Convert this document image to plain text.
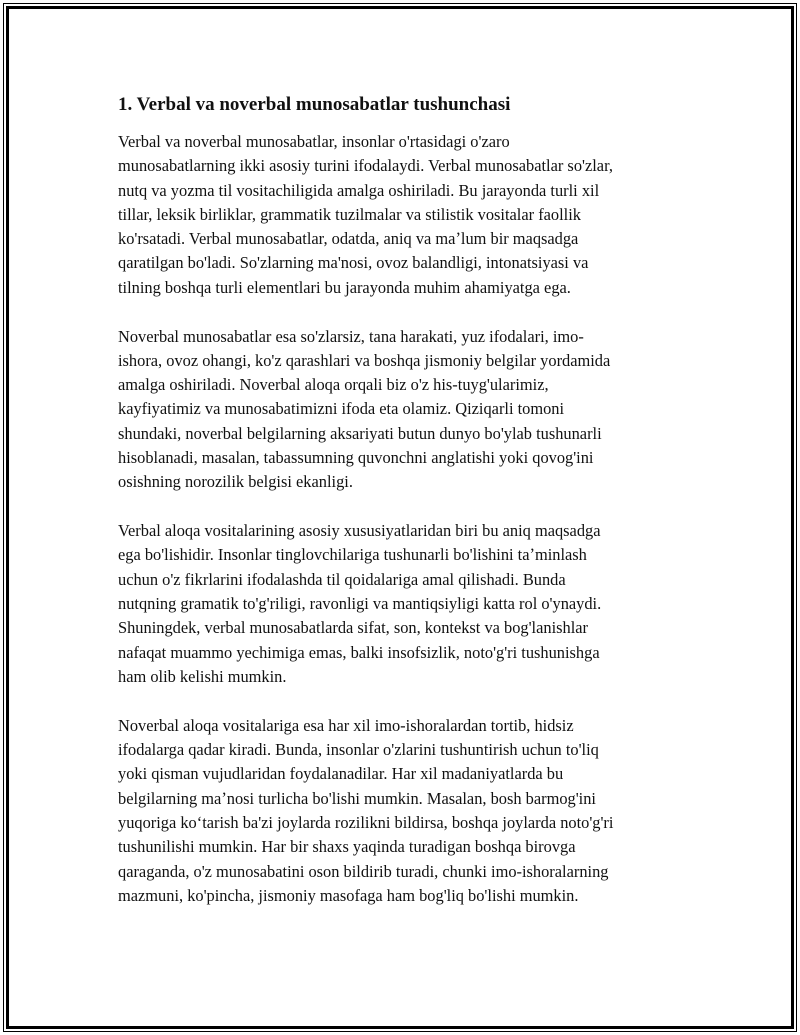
1. Verbal va noverbal munosabatlar tushunchasi
Verbal va noverbal munosabatlar, insonlar o'rtasidagi o'zaro
munosabatlarning ikki asosiy turini ifodalaydi. Verbal munosabatlar so'zlar,
nutq va yozma til vositachiligida amalga oshiriladi. Bu jarayonda turli xil
tillar, leksik birliklar, grammatik tuzilmalar va stilistik vositalar faollik
ko'rsatadi. Verbal munosabatlar, odatda, aniq va maʼlum bir maqsadga
qaratilgan bo'ladi. So'zlarning ma'nosi, ovoz balandligi, intonatsiyasi va
tilning boshqa turli elementlari bu jarayonda muhim ahamiyatga ega.
Noverbal munosabatlar esa so'zlarsiz, tana harakati, yuz ifodalari, imo-
ishora, ovoz ohangi, ko'z qarashlari va boshqa jismoniy belgilar yordamida
amalga oshiriladi. Noverbal aloqa orqali biz o'z his-tuyg'ularimiz,
kayfiyatimiz va munosabatimizni ifoda eta olamiz. Qiziqarli tomoni
shundaki, noverbal belgilarning aksariyati butun dunyo bo'ylab tushunarli
hisoblanadi, masalan, tabassumning quvonchni anglatishi yoki qovog'ini
osishning norozilik belgisi ekanligi.
Verbal aloqa vositalarining asosiy xususiyatlaridan biri bu aniq maqsadga
ega bo'lishidir. Insonlar tinglovchilariga tushunarli bo'lishini taʼminlash
uchun o'z fikrlarini ifodalashda til qoidalariga amal qilishadi. Bunda
nutqning gramatik to'g'riligi, ravonligi va mantiqsiyligi katta rol o'ynaydi.
Shuningdek, verbal munosabatlarda sifat, son, kontekst va bog'lanishlar
nafaqat muammo yechimiga emas, balki insofsizlik, noto'g'ri tushunishga
ham olib kelishi mumkin.
Noverbal aloqa vositalariga esa har xil imo-ishoralardan tortib, hidsiz
ifodalarga qadar kiradi. Bunda, insonlar o'zlarini tushuntirish uchun to'liq
yoki qisman vujudlaridan foydalanadilar. Har xil madaniyatlarda bu
belgilarning maʼnosi turlicha bo'lishi mumkin. Masalan, bosh barmog'ini
yuqoriga koʻtarish ba'zi joylarda rozilikni bildirsa, boshqa joylarda noto'g'ri
tushunilishi mumkin. Har bir shaxs yaqinda turadigan boshqa birovga
qaraganda, o'z munosabatini oson bildirib turadi, chunki imo-ishoralarning
mazmuni, ko'pincha, jismoniy masofaga ham bog'liq bo'lishi mumkin.
